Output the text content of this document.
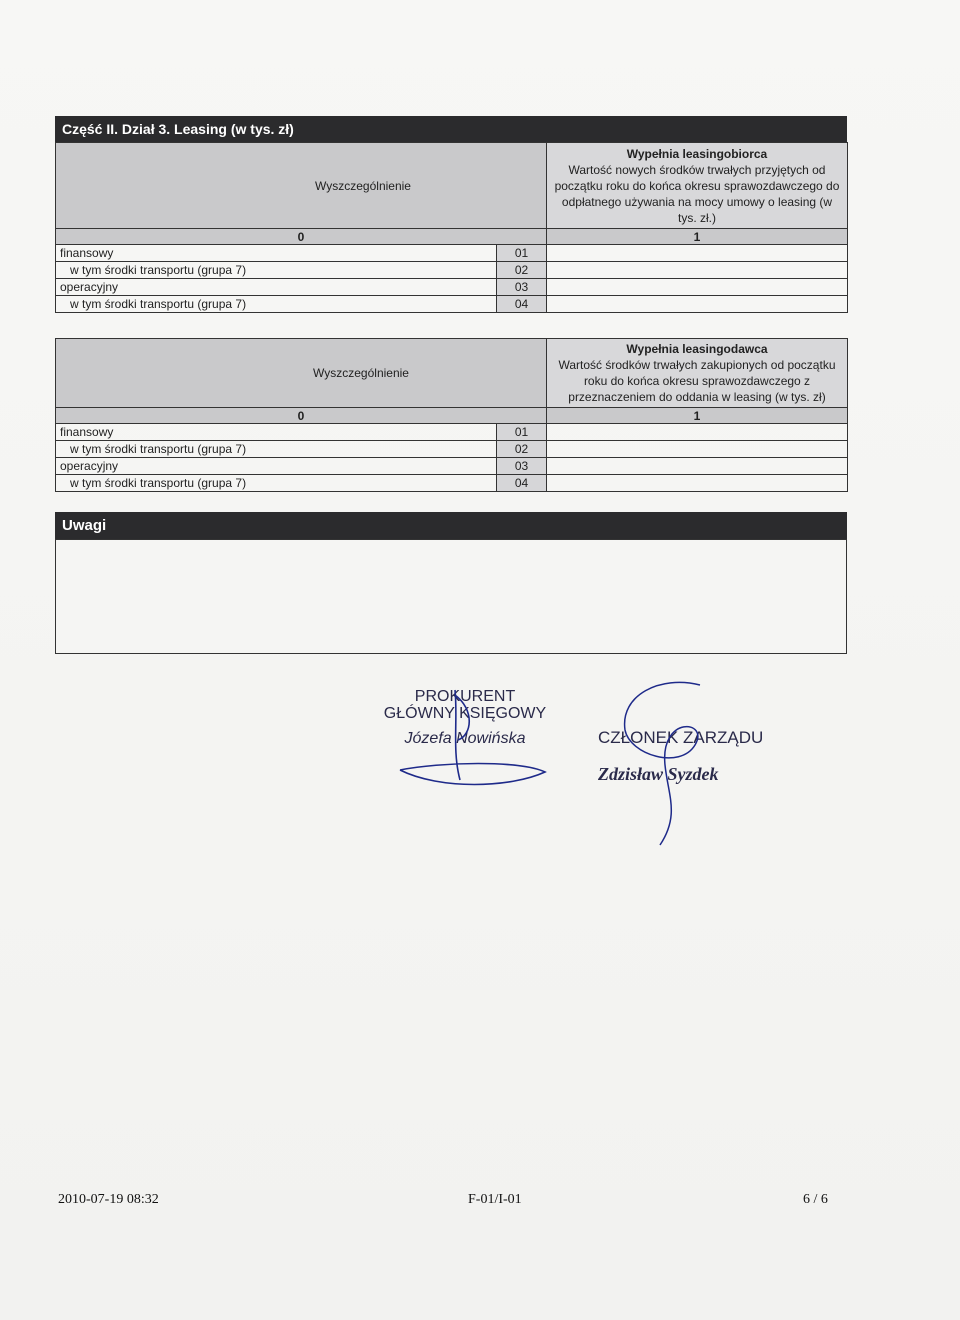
Część II. Dział 3. Leasing (w tys. zł)
Wyszczególnienie		Wypełnia leasingobiorca
Wartość nowych środków trwałych przyjętych od początku roku do końca okresu sprawozdawczego do odpłatnego używania na mocy umowy o leasing (w tys. zł.)

0		1
finansowy	01	
w tym środki transportu (grupa 7)	02	
operacyjny	03	
w tym środki transportu (grupa 7)	04	
Wyszczególnienie		Wypełnia leasingodawca
Wartość środków trwałych zakupionych od początku roku do końca okresu sprawozdawczego z przeznaczeniem do oddania w leasing (w tys. zł)

0		1
finansowy	01	
w tym środki transportu (grupa 7)	02	
operacyjny	03	
w tym środki transportu (grupa 7)	04	
Uwagi
PROKURENT
GŁÓWNY KSIĘGOWY
Józefa Nowińska	CZŁONEK ZARZĄDU
Zdzisław Syzdek
2010-07-19 08:32	F-01/I-01	6 / 6
